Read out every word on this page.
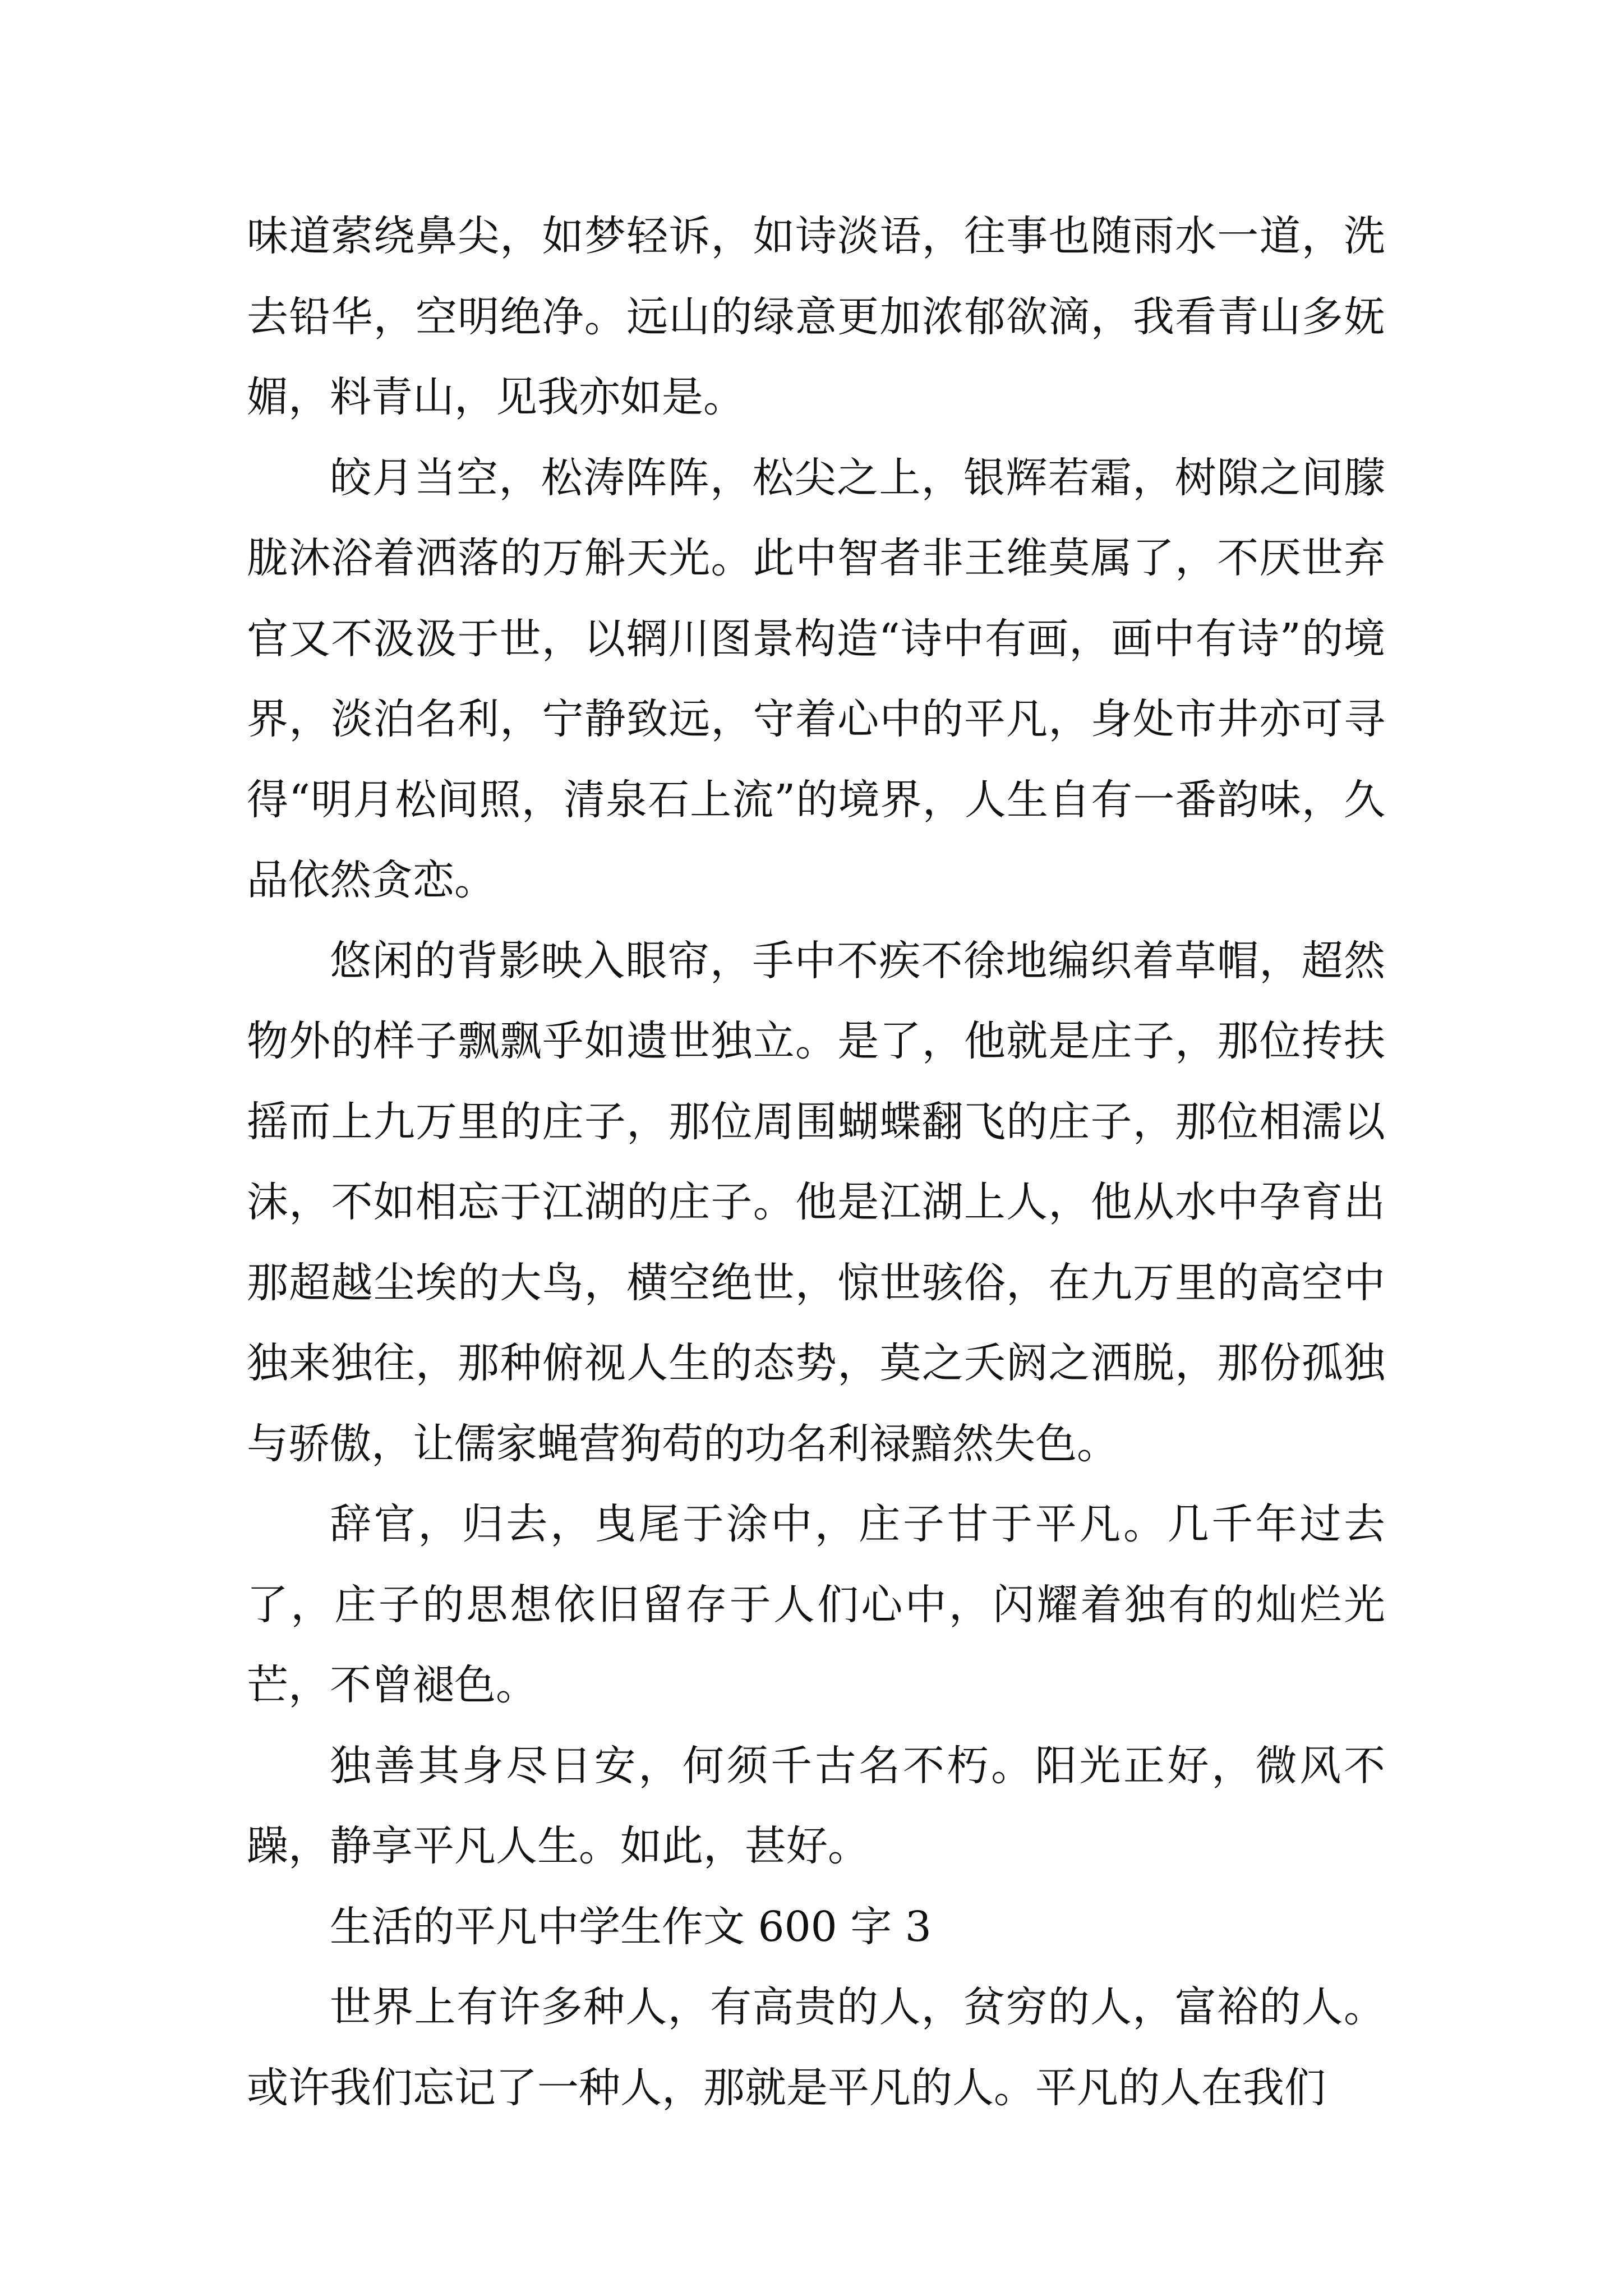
味道萦绕鼻尖，如梦轻诉，如诗淡语，往事也随雨水一道，洗去铅华，空明绝净。远山的绿意更加浓郁欲滴，我看青山多妩媚，料青山，见我亦如是。

皎月当空，松涛阵阵，松尖之上，银辉若霜，树隙之间朦胧沐浴着洒落的万斛天光。此中智者非王维莫属了，不厌世弃官又不汲汲于世，以辋川图景构造“诗中有画，画中有诗”的境界，淡泊名利，宁静致远，守着心中的平凡，身处市井亦可寻得“明月松间照，清泉石上流”的境界，人生自有一番韵味，久品依然贪恋。

悠闲的背影映入眼帘，手中不疾不徐地编织着草帽，超然物外的样子飘飘乎如遗世独立。是了，他就是庄子，那位抟扶摇而上九万里的庄子，那位周围蝴蝶翻飞的庄子，那位相濡以沫，不如相忘于江湖的庄子。他是江湖上人，他从水中孕育出那超越尘埃的大鸟，横空绝世，惊世骇俗，在九万里的高空中独来独往，那种俯视人生的态势，莫之夭阏之洒脱，那份孤独与骄傲，让儒家蝇营狗苟的功名利禄黯然失色。

辞官，归去，曳尾于涂中，庄子甘于平凡。几千年过去了，庄子的思想依旧留存于人们心中，闪耀着独有的灿烂光芒，不曾褪色。

独善其身尽日安，何须千古名不朽。阳光正好，微风不躁，静享平凡人生。如此，甚好。

生活的平凡中学生作文 600 字 3

世界上有许多种人，有高贵的人，贫穷的人，富裕的人。或许我们忘记了一种人，那就是平凡的人。平凡的人在我们
